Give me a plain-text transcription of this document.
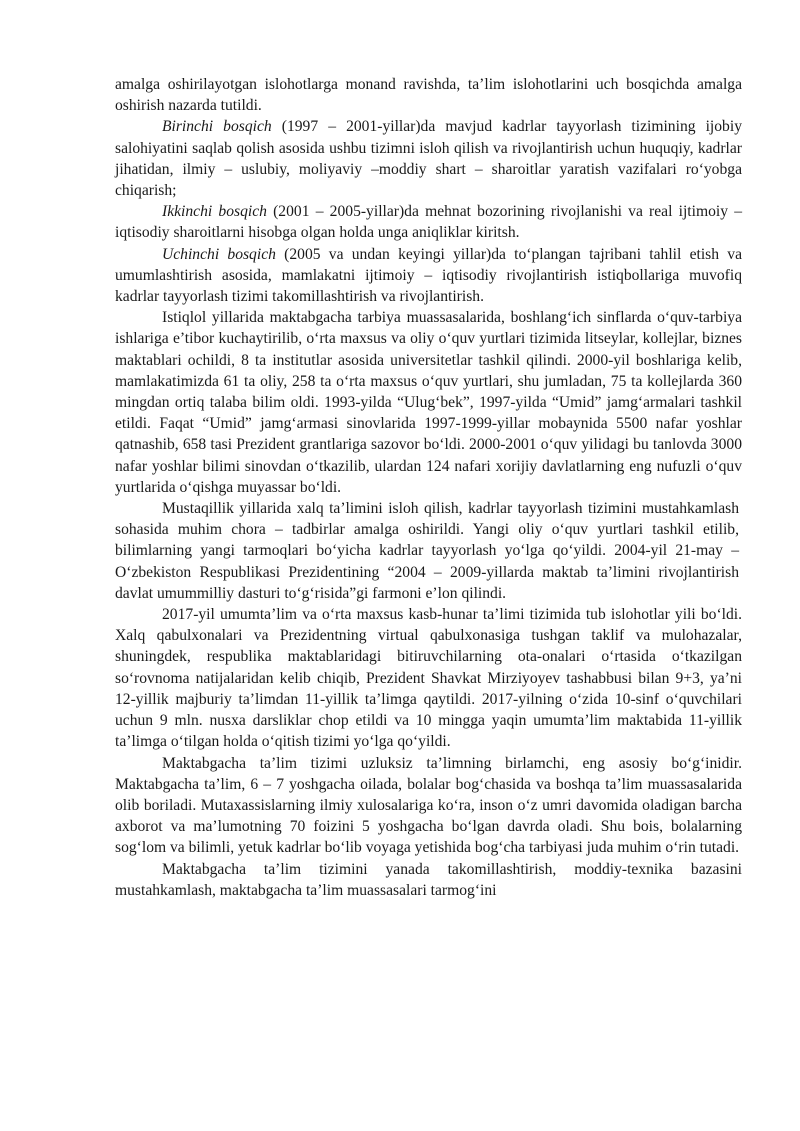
amalga oshirilayotgan islohotlarga monand ravishda, ta’lim islohotlarini uch bosqichda amalga oshirish nazarda tutildi.

Birinchi bosqich (1997 – 2001-yillar)da mavjud kadrlar tayyorlash tizimining ijobiy salohiyatini saqlab qolish asosida ushbu tizimni isloh qilish va rivojlantirish uchun huquqiy, kadrlar jihatidan, ilmiy – uslubiy, moliyaviy –moddiy shart – sharoitlar yaratish vazifalari ro‘yobga chiqarish;

Ikkinchi bosqich (2001 – 2005-yillar)da mehnat bozorining rivojlanishi va real ijtimoiy – iqtisodiy sharoitlarni hisobga olgan holda unga aniqliklar kiritsh.

Uchinchi bosqich (2005 va undan keyingi yillar)da to‘plangan tajribani tahlil etish va umumlashtirish asosida, mamlakatni ijtimoiy – iqtisodiy rivojlantirish istiqbollariga muvofiq kadrlar tayyorlash tizimi takomillashtirish va rivojlantirish.

Istiqlol yillarida maktabgacha tarbiya muassasalarida, boshlang‘ich sinflarda o‘quv-tarbiya ishlariga e’tibor kuchaytirilib, o‘rta maxsus va oliy o‘quv yurtlari tizimida litseylar, kollejlar, biznes maktablari ochildi, 8 ta institutlar asosida universitetlar tashkil qilindi. 2000-yil boshlariga kelib, mamlakatimizda 61 ta oliy, 258 ta o‘rta maxsus o‘quv yurtlari, shu jumladan, 75 ta kollejlarda 360 mingdan ortiq talaba bilim oldi. 1993-yilda “Ulug‘bek”, 1997-yilda “Umid” jamg‘armalari tashkil etildi. Faqat “Umid” jamg‘armasi sinovlarida 1997-1999-yillar mobaynida 5500 nafar yoshlar qatnashib, 658 tasi Prezident grantlariga sazovor bo‘ldi. 2000-2001 o‘quv yilidagi bu tanlovda 3000 nafar yoshlar bilimi sinovdan o‘tkazilib, ulardan 124 nafari xorijiy davlatlarning eng nufuzli o‘quv yurtlarida o‘qishga muyassar bo‘ldi.

Mustaqillik yillarida xalq ta’limini isloh qilish, kadrlar tayyorlash tizimini mustahkamlash sohasida muhim chora – tadbirlar amalga oshirildi. Yangi oliy o‘quv yurtlari tashkil etilib, bilimlarning yangi tarmoqlari bo‘yicha kadrlar tayyorlash yo‘lga qo‘yildi. 2004-yil 21-may – O‘zbekiston Respublikasi Prezidentining “2004 – 2009-yillarda maktab ta’limini rivojlantirish davlat umummilliy dasturi to‘g‘risida”gi farmoni e’lon qilindi.

2017-yil umumta’lim va o‘rta maxsus kasb-hunar ta’limi tizimida tub islohotlar yili bo‘ldi. Xalq qabulxonalari va Prezidentning virtual qabulxonasiga tushgan taklif va mulohazalar, shuningdek, respublika maktablaridagi bitiruvchilarning ota-onalari o‘rtasida o‘tkazilgan so‘rovnoma natijalaridan kelib chiqib, Prezident Shavkat Mirziyoyev tashabbusi bilan 9+3, ya’ni 12-yillik majburiy ta’limdan 11-yillik ta’limga qaytildi. 2017-yilning o‘zida 10-sinf o‘quvchilari uchun 9 mln. nusxa darsliklar chop etildi va 10 mingga yaqin umumta’lim maktabida 11-yillik ta’limga o‘tilgan holda o‘qitish tizimi yo‘lga qo‘yildi.

Maktabgacha ta’lim tizimi uzluksiz ta’limning birlamchi, eng asosiy bo‘g‘inidir. Maktabgacha ta’lim, 6 – 7 yoshgacha oilada, bolalar bog‘chasida va boshqa ta’lim muassasalarida olib boriladi. Mutaxassislarning ilmiy xulosalariga ko‘ra, inson o‘z umri davomida oladigan barcha axborot va ma’lumotning 70 foizini 5 yoshgacha bo‘lgan davrda oladi. Shu bois, bolalarning sog‘lom va bilimli, yetuk kadrlar bo‘lib voyaga yetishida bog‘cha tarbiyasi juda muhim o‘rin tutadi.

Maktabgacha ta’lim tizimini yanada takomillashtirish, moddiy-texnika bazasini mustahkamlash, maktabgacha ta’lim muassasalari tarmog‘ini
